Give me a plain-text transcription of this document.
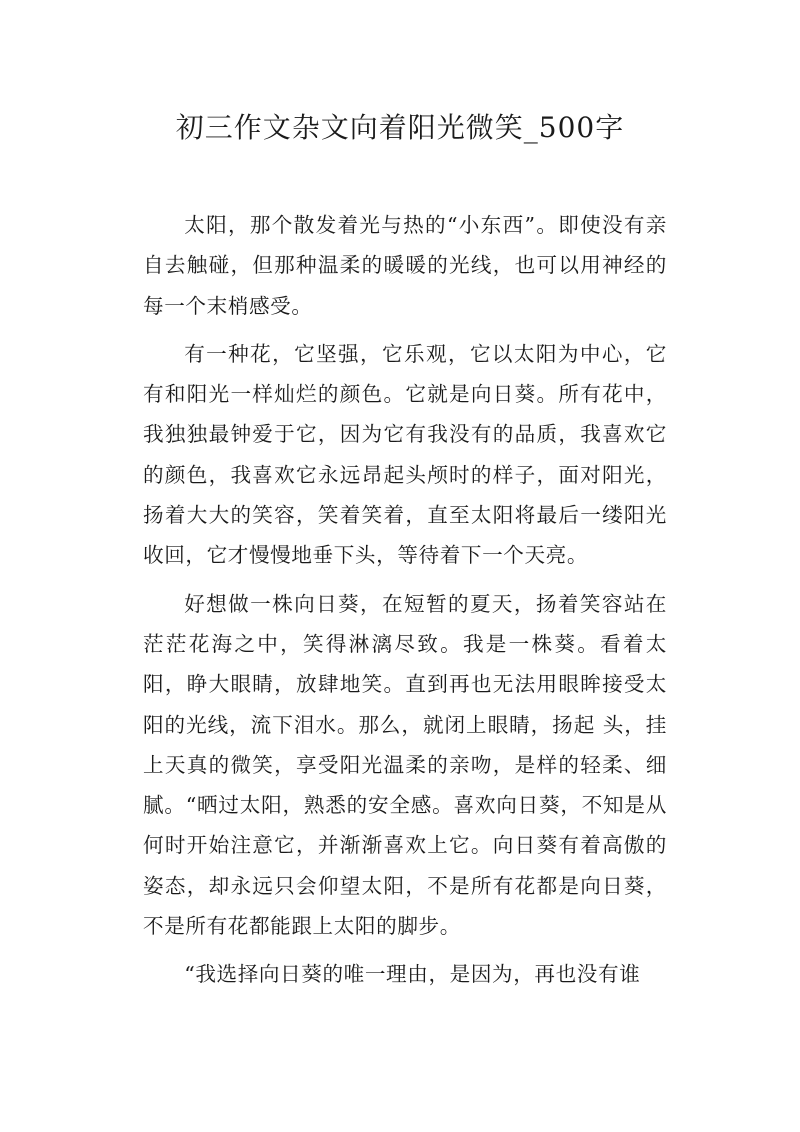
初三作文杂文向着阳光微笑_500字

太阳，那个散发着光与热的“小东西”。即使没有亲自去触碰，但那种温柔的暖暖的光线，也可以用神经的每一个末梢感受。

有一种花，它坚强，它乐观，它以太阳为中心，它有和阳光一样灿烂的颜色。它就是向日葵。所有花中，我独独最钟爱于它，因为它有我没有的品质，我喜欢它的颜色，我喜欢它永远昂起头颅时的样子，面对阳光，扬着大大的笑容，笑着笑着，直至太阳将最后一缕阳光收回，它才慢慢地垂下头，等待着下一个天亮。

好想做一株向日葵，在短暂的夏天，扬着笑容站在茫茫花海之中，笑得淋漓尽致。我是一株葵。看着太阳，睁大眼睛，放肆地笑。直到再也无法用眼眸接受太阳的光线，流下泪水。那么，就闭上眼睛，扬起 头，挂上天真的微笑，享受阳光温柔的亲吻，是样的轻柔、细腻。“晒过太阳，熟悉的安全感。喜欢向日葵，不知是从何时开始注意它，并渐渐喜欢上它。向日葵有着高傲的姿态，却永远只会仰望太阳，不是所有花都是向日葵，不是所有花都能跟上太阳的脚步。

“我选择向日葵的唯一理由，是因为，再也没有谁
